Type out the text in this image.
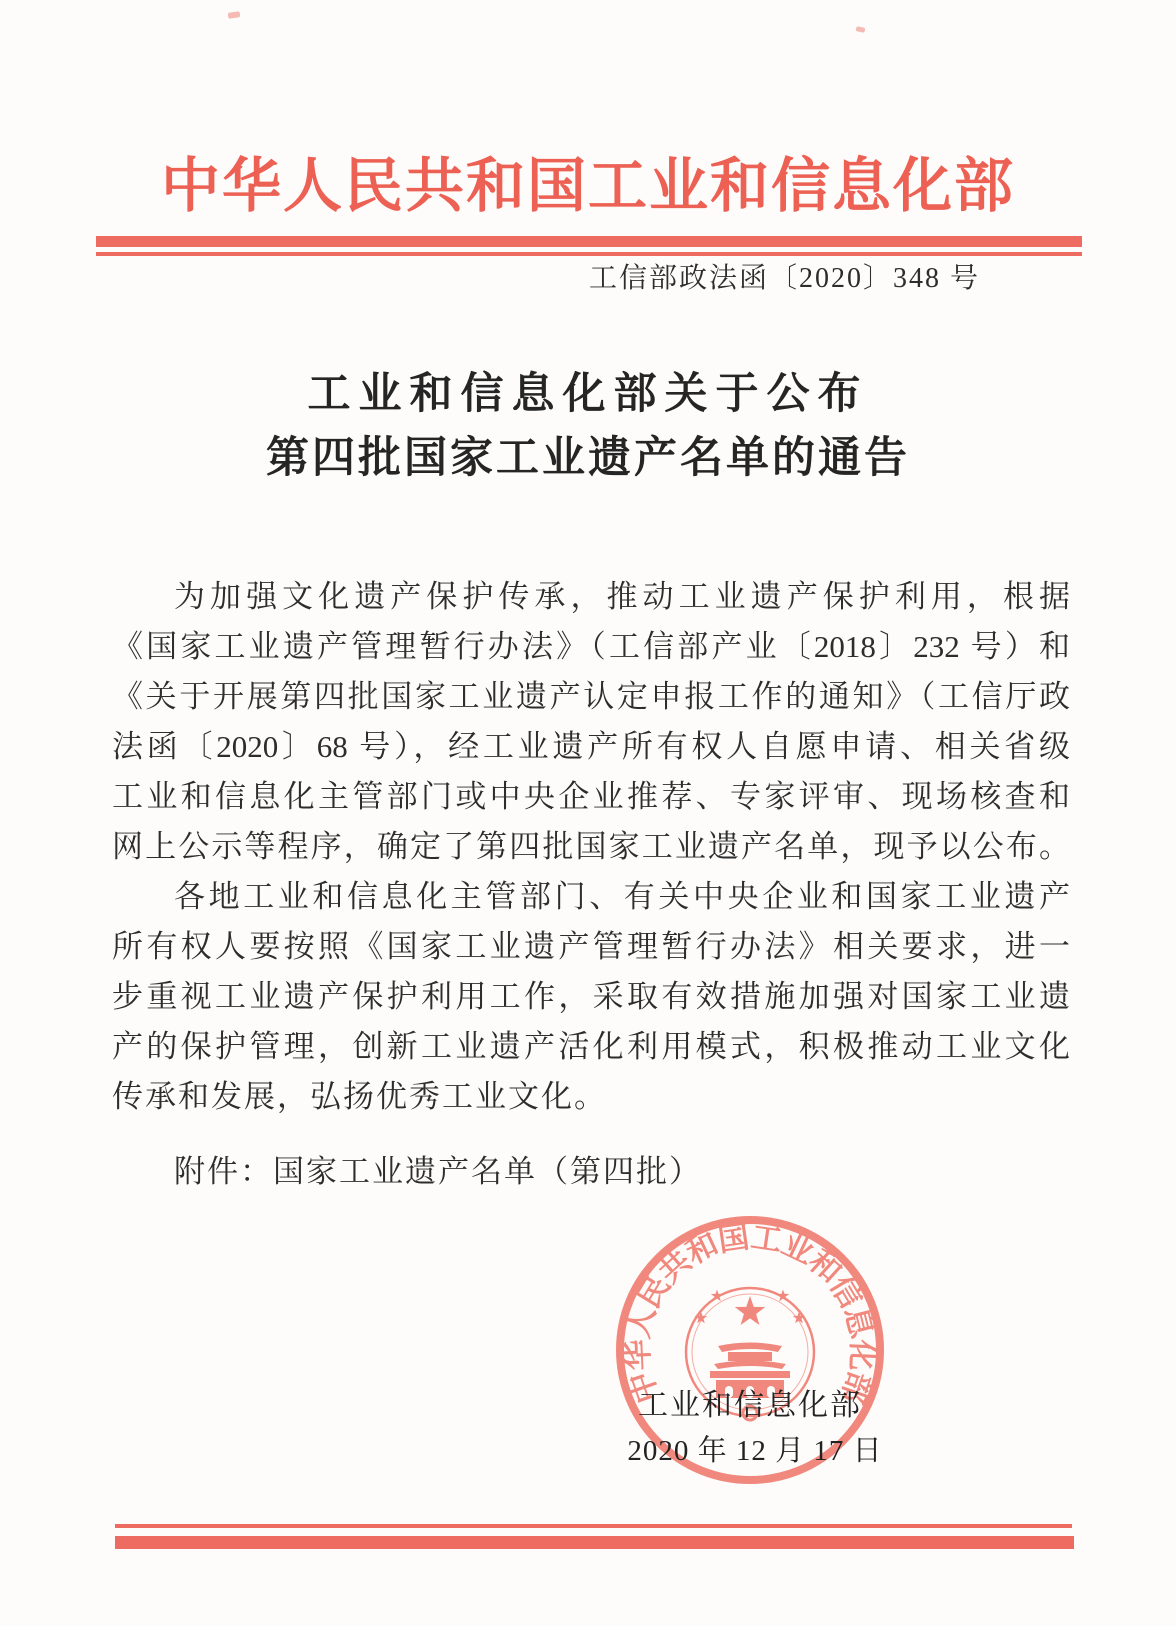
中华人民共和国工业和信息化部
工信部政法函〔2020〕348 号
工业和信息化部关于公布
第四批国家工业遗产名单的通告
为加强文化遗产保护传承，推动工业遗产保护利用，根据
《国家工业遗产管理暂行办法》（工信部产业〔2018〕232 号）和
《关于开展第四批国家工业遗产认定申报工作的通知》（工信厅政
法函〔2020〕68 号），经工业遗产所有权人自愿申请、相关省级
工业和信息化主管部门或中央企业推荐、专家评审、现场核查和
网上公示等程序，确定了第四批国家工业遗产名单，现予以公布。
各地工业和信息化主管部门、有关中央企业和国家工业遗产
所有权人要按照《国家工业遗产管理暂行办法》相关要求，进一
步重视工业遗产保护利用工作，采取有效措施加强对国家工业遗
产的保护管理，创新工业遗产活化利用模式，积极推动工业文化
传承和发展，弘扬优秀工业文化。
附件：国家工业遗产名单（第四批）
中华人民共和国工业和信息化部
工业和信息化部
2020 年 12 月 17 日
